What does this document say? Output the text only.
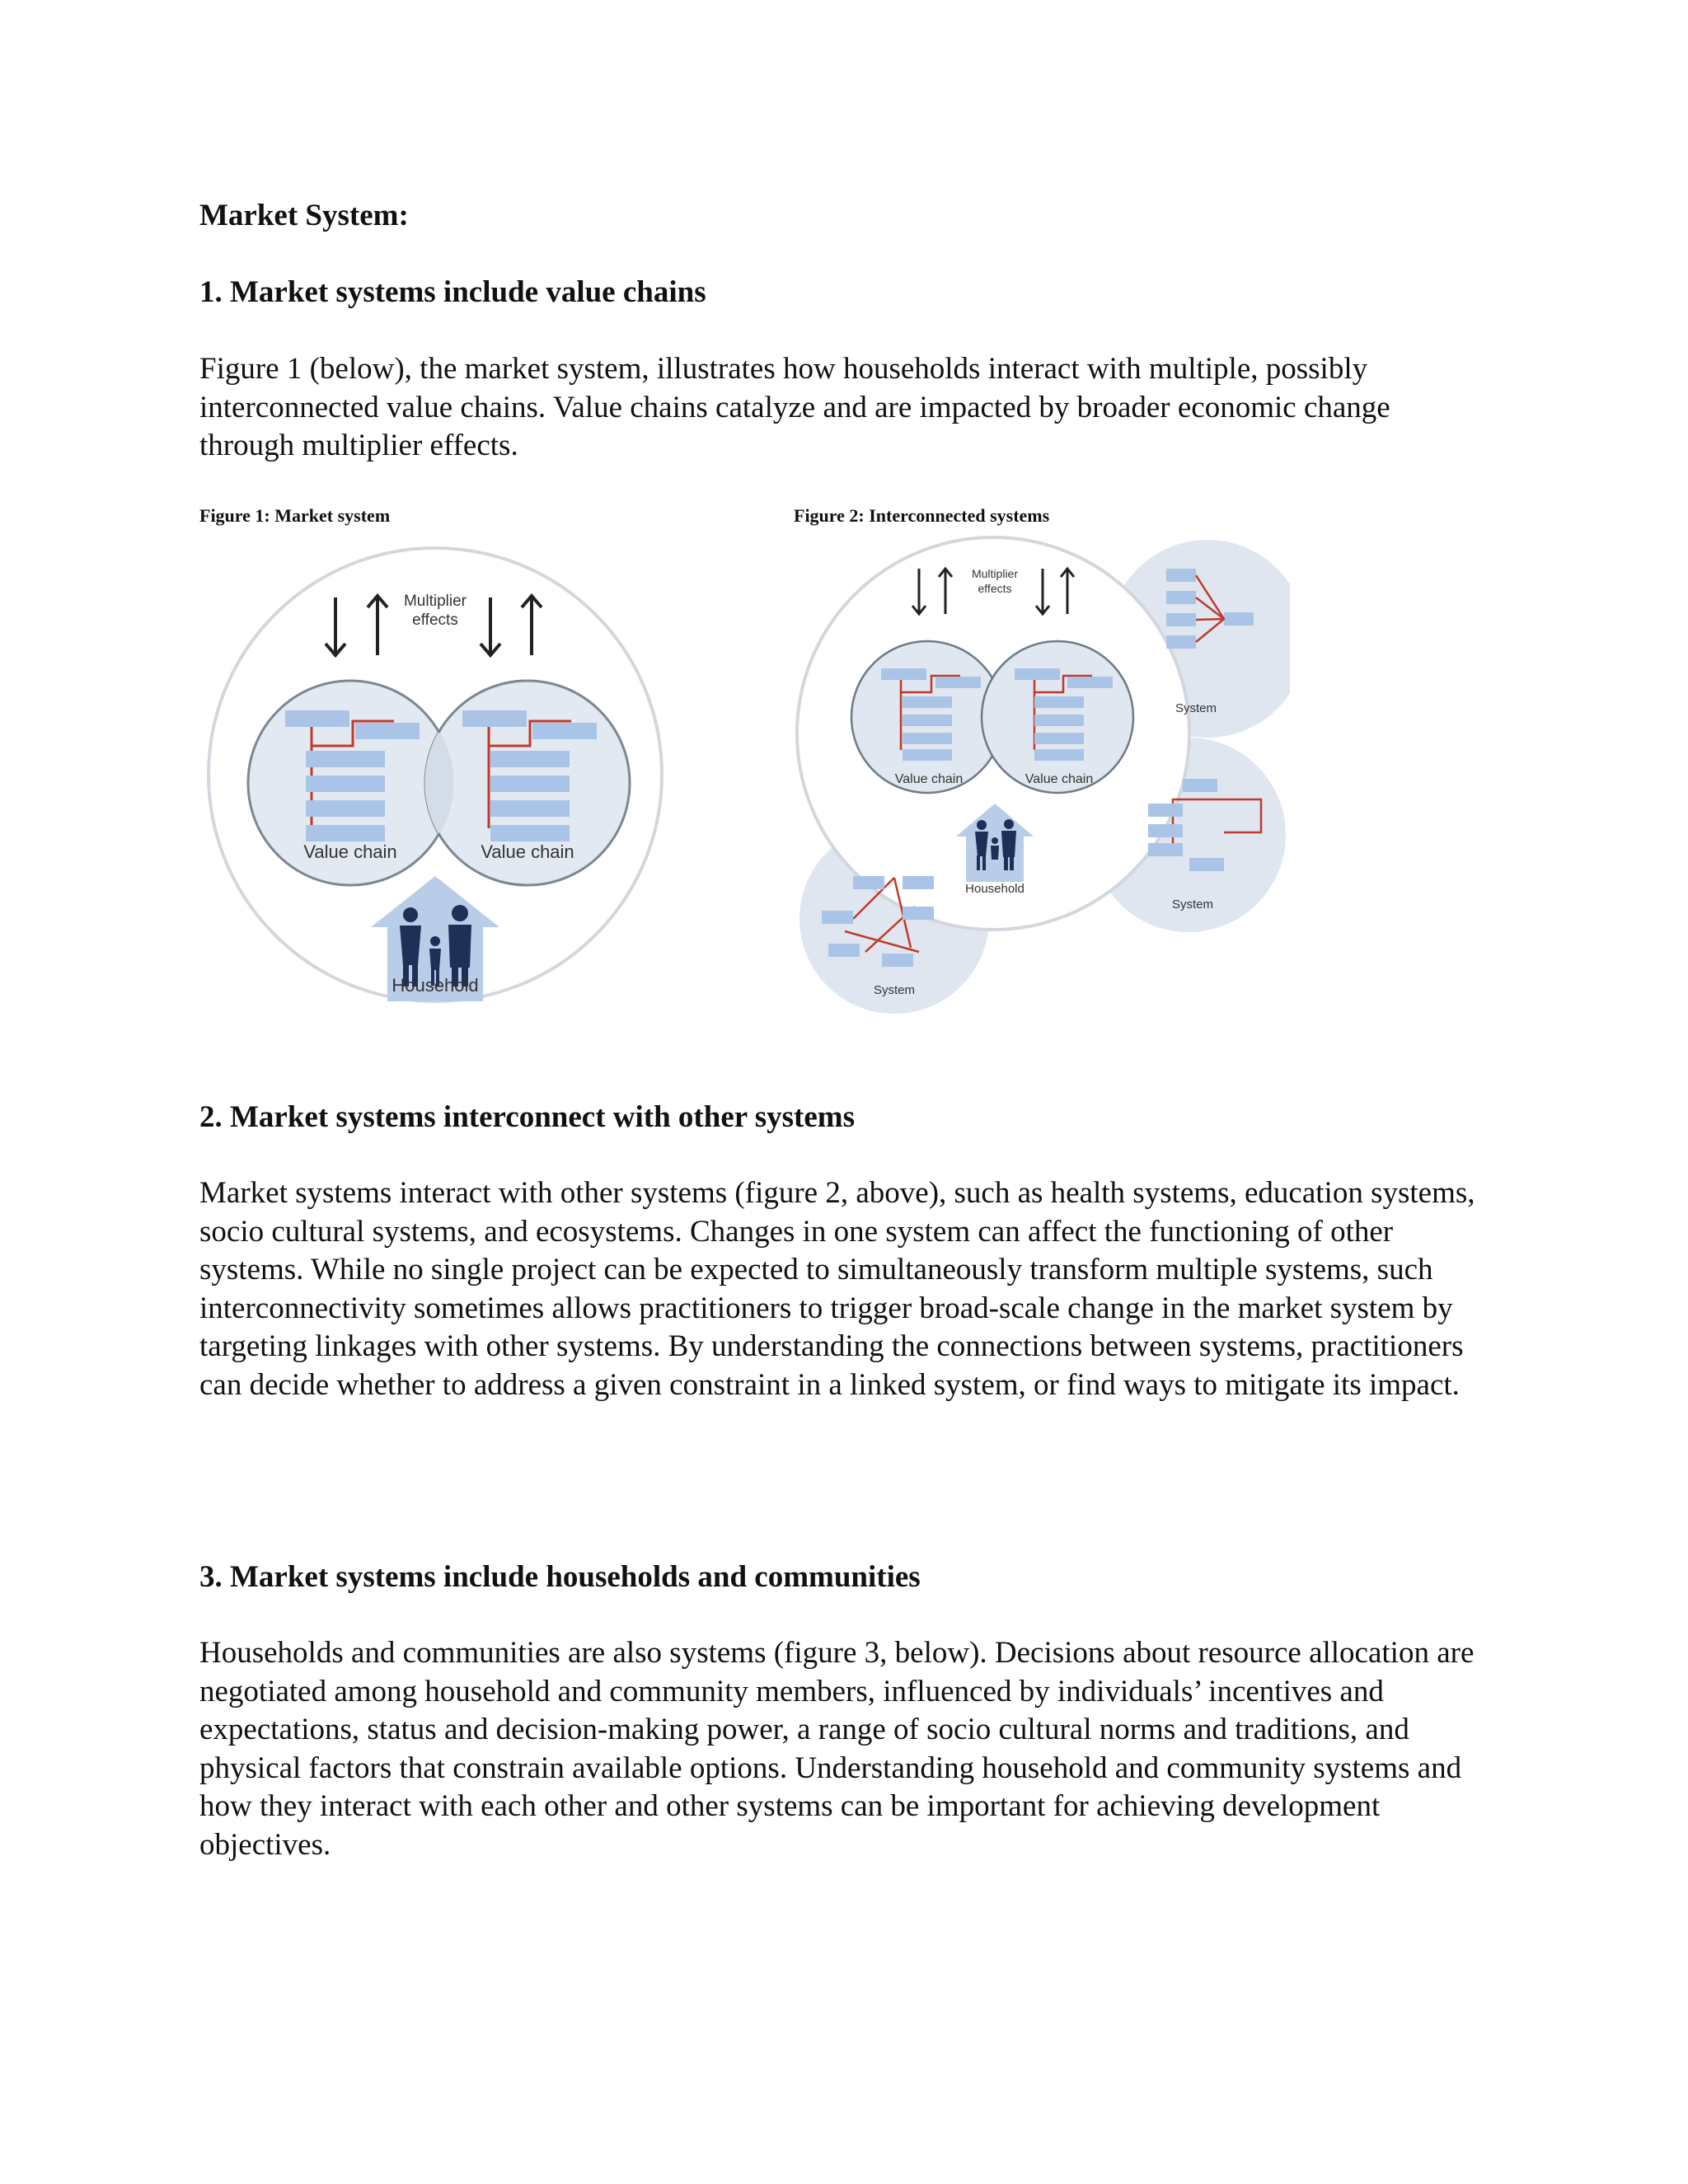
Market System:
1. Market systems include value chains

Figure 1 (below), the market system, illustrates how households interact with multiple, possibly interconnected value chains. Value chains catalyze and are impacted by broader economic change through multiplier effects.

Figure 1: Market system	Figure 2: Interconnected systems
Multiplier
effects
Value chain	Value chain
Household
Multiplier
effects
Value chain	Value chain
Household
System
System
System
2. Market systems interconnect with other systems

Market systems interact with other systems (figure 2, above), such as health systems, education systems, socio cultural systems, and ecosystems. Changes in one system can affect the functioning of other systems. While no single project can be expected to simultaneously transform multiple systems, such interconnectivity sometimes allows practitioners to trigger broad-scale change in the market system by targeting linkages with other systems. By understanding the connections between systems, practitioners can decide whether to address a given constraint in a linked system, or find ways to mitigate its impact.

3. Market systems include households and communities

Households and communities are also systems (figure 3, below). Decisions about resource allocation are negotiated among household and community members, influenced by individuals’ incentives and expectations, status and decision-making power, a range of socio cultural norms and traditions, and physical factors that constrain available options. Understanding household and community systems and how they interact with each other and other systems can be important for achieving development objectives.
